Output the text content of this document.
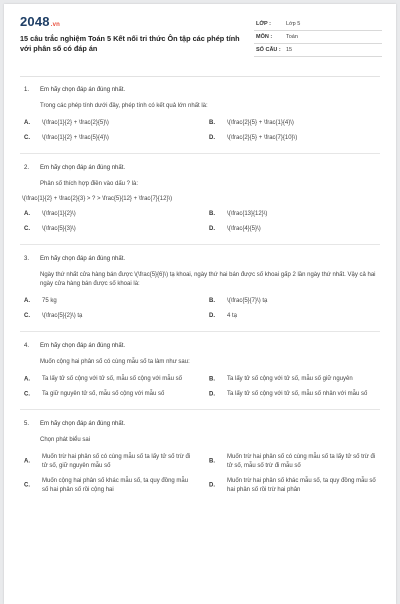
2048.vn
15 câu trắc nghiệm Toán 5 Kết nối tri thức Ôn tập các phép tính với phân số có đáp án
LỚP :	Lớp 5
MÔN :	Toán
SỐ CÂU : 15
1. Em hãy chọn đáp án đúng nhất.
Trong các phép tính dưới đây, phép tính có kết quả lớn nhất là:
A. \(\frac{1}{2} + \frac{2}{5}\)	B. \(\frac{2}{5} + \frac{1}{4}\)
C. \(\frac{1}{2} + \frac{5}{4}\)	D. \(\frac{2}{5} + \frac{7}{10}\)
2. Em hãy chọn đáp án đúng nhất.
Phân số thích hợp điền vào dấu ? là:
\(\frac{1}{2} + \frac{2}{3} > ? > \frac{5}{12} + \frac{7}{12}\)
A. \(\frac{1}{2}\)	B. \(\frac{13}{12}\)
C. \(\frac{5}{3}\)	D. \(\frac{4}{5}\)
3. Em hãy chọn đáp án đúng nhất.
Ngày thứ nhất cửa hàng bán được \(\frac{5}{6}\) tạ khoai, ngày thứ hai bán được số khoai gấp 2 lần ngày thứ nhất. Vậy cả hai ngày cửa hàng bán được số khoai là:
A. 75 kg	B. \(\frac{5}{7}\) tạ
C. \(\frac{5}{2}\) tạ	D. 4 tạ
4. Em hãy chọn đáp án đúng nhất.
Muốn cộng hai phân số có cùng mẫu số ta làm như sau:
A. Ta lấy tử số cộng với tử số, mẫu số cộng với mẫu số	B. Ta lấy tử số cộng với tử số, mẫu số giữ nguyên
C. Ta giữ nguyên tử số, mẫu số cộng với mẫu số	D. Ta lấy tử số cộng với tử số, mẫu số nhân với mẫu số
5. Em hãy chọn đáp án đúng nhất.
Chọn phát biểu sai
A.
Muốn trừ hai phân số có cùng mẫu số ta lấy tử số trừ đi tử số, giữ nguyên mẫu số
B.
Muốn trừ hai phân số có cùng mẫu số ta lấy tử số trừ đi tử số, mẫu số trừ đi mẫu số
C.
Muốn cộng hai phân số khác mẫu số, ta quy đồng mẫu số hai phân số rồi cộng hai
D.
Muốn trừ hai phân số khác mẫu số, ta quy đồng mẫu số hai phân số rồi trừ hai phân
